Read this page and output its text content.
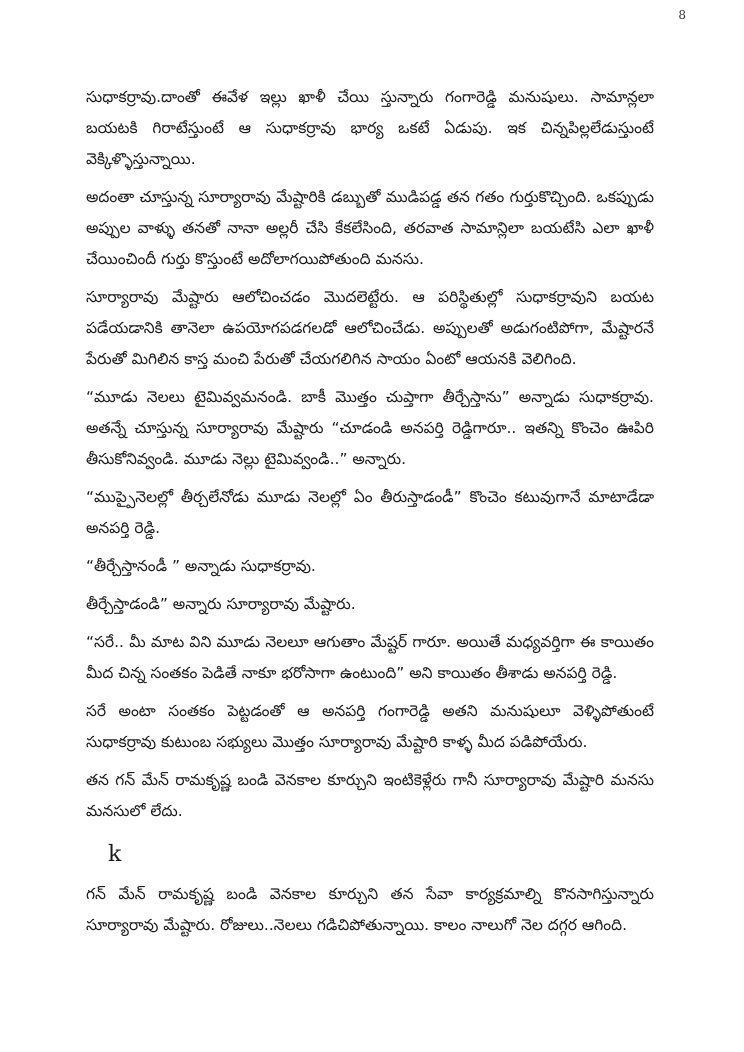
8

సుధాకర్రావు.దాంతో ఈవేళ ఇల్లు ఖాళీ చేయి స్తున్నారు గంగారెడ్డి మనుషులు. సామాన్లలా బయటకి గిరాటేస్తుంటే ఆ సుధాకర్రావు భార్య ఒకటే ఏడుపు. ఇక చిన్నపిల్లలేడుస్తుంటే వెక్కిళ్ళొస్తున్నాయి.

అదంతా చూస్తున్న సూర్యారావు మేష్టారికి డబ్బుతో ముడిపడ్డ తన గతం గుర్తుకొచ్చింది. ఒకప్పుడు అప్పుల వాళ్ళు తనతో నానా అల్లరీ చేసి కేకలేసింది, తరవాత సామాన్లిలా బయటేసి ఎలా ఖాళీ చేయించిందీ గుర్తు కొస్తుంటే అదోలాగయిపోతుంది మనసు.

సూర్యారావు మేష్టారు ఆలోచించడం మొదలెట్టేరు. ఆ పరిస్థితుల్లో సుధాకర్రావుని బయట పడేయడానికి తానెలా ఉపయోగపడగలడో ఆలోచించేడు. అప్పులతో అడుగంటిపోగా, మేష్టారనే పేరుతో మిగిలిన కాస్త మంచి పేరుతో చేయగలిగిన సాయం ఏంటో ఆయనకి వెలిగింది.

“మూడు నెలలు టైమివ్వమనండి. బాకీ మొత్తం చుప్తాగా తీర్చేస్తాను” అన్నాడు సుధాకర్రావు. అతన్నే చూస్తున్న సూర్యారావు మేష్టారు “చూడండి అనపర్తి రెడ్డిగారూ.. ఇతన్ని కొంచెం ఊపిరి తీసుకోనివ్వండి. మూడు నెల్లు టైమివ్వండి..” అన్నారు.

“ముప్పైనెలల్లో తీర్చలేనోడు మూడు నెలల్లో ఏం తీరుస్తాడండీ” కొంచెం కటువుగానే మాటాడేడా అనపర్తి రెడ్డి.

“తీర్చేస్తానండీ ” అన్నాడు సుధాకర్రావు.

తీర్చేస్తాడండి” అన్నారు సూర్యారావు మేష్టారు.

“సరే.. మీ మాట విని మూడు నెలలూ ఆగుతాం మేష్టర్ గారూ. అయితే మధ్యవర్తిగా ఈ కాయితం మీద చిన్న సంతకం పెడితే నాకూ భరోసాగా ఉంటుంది” అని కాయితం తీశాడు అనపర్తి రెడ్డి.

సరే అంటా సంతకం పెట్టడంతో ఆ అనపర్తి గంగారెడ్డి అతని మనుషులూ వెళ్ళిపోతుంటే సుధాకర్రావు కుటుంబ సభ్యులు మొత్తం సూర్యారావు మేష్టారి కాళ్ళ మీద పడిపోయేరు.

తన గన్ మేన్ రామకృష్ణ బండి వెనకాల కూర్చుని ఇంటికెళ్లేరు గానీ సూర్యారావు మేష్టారి మనసు మనసులో లేదు.

k

గన్ మేన్ రామకృష్ణ బండి వెనకాల కూర్చుని తన సేవా కార్యక్రమాల్ని కొనసాగిస్తున్నారు సూర్యారావు మేష్టారు. రోజులు..నెలలు గడిచిపోతున్నాయి. కాలం నాలుగో నెల దగ్గర ఆగింది.
